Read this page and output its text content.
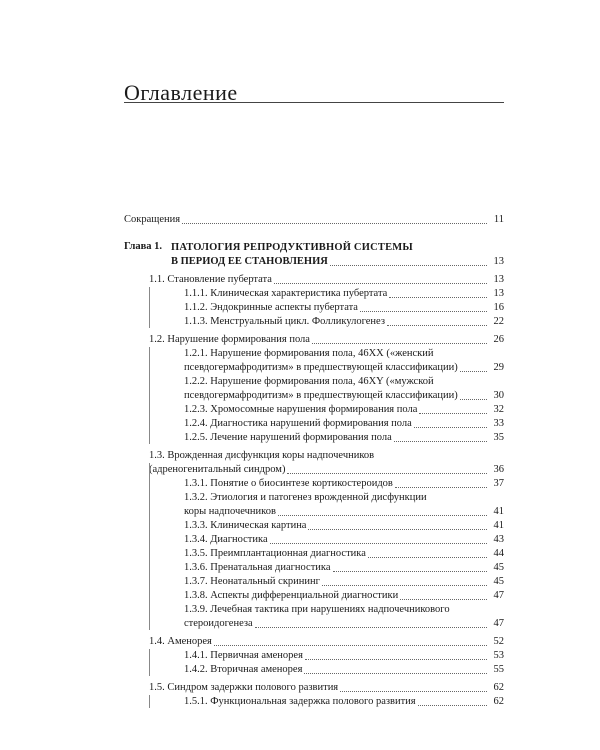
Оглавление
Сокращения	11
Глава 1. ПАТОЛОГИЯ РЕПРОДУКТИВНОЙ СИСТЕМЫ
В ПЕРИОД ЕЕ СТАНОВЛЕНИЯ	13
1.1. Становление пубертата	13
1.1.1. Клиническая характеристика пубертата	13
1.1.2. Эндокринные аспекты пубертата	16
1.1.3. Менструальный цикл. Фолликулогенез	22
1.2. Нарушение формирования пола	26
1.2.1. Нарушение формирования пола, 46ХХ («женский
псевдогермафродитизм» в предшествующей классификации)	29
1.2.2. Нарушение формирования пола, 46ХY («мужской
псевдогермафродитизм» в предшествующей классификации)	30
1.2.3. Хромосомные нарушения формирования пола	32
1.2.4. Диагностика нарушений формирования пола	33
1.2.5. Лечение нарушений формирования пола	35
1.3. Врожденная дисфункция коры надпочечников
(адреногенитальный синдром)	36
1.3.1. Понятие о биосинтезе кортикостероидов	37
1.3.2. Этиология и патогенез врожденной дисфункции
коры надпочечников	41
1.3.3. Клиническая картина	41
1.3.4. Диагностика	43
1.3.5. Преимплантационная диагностика	44
1.3.6. Пренатальная диагностика	45
1.3.7. Неонатальный скрининг	45
1.3.8. Аспекты дифференциальной диагностики	47
1.3.9. Лечебная тактика при нарушениях надпочечникового
стероидогенеза	47
1.4. Аменорея	52
1.4.1. Первичная аменорея	53
1.4.2. Вторичная аменорея	55
1.5. Синдром задержки полового развития	62
1.5.1. Функциональная задержка полового развития	62
